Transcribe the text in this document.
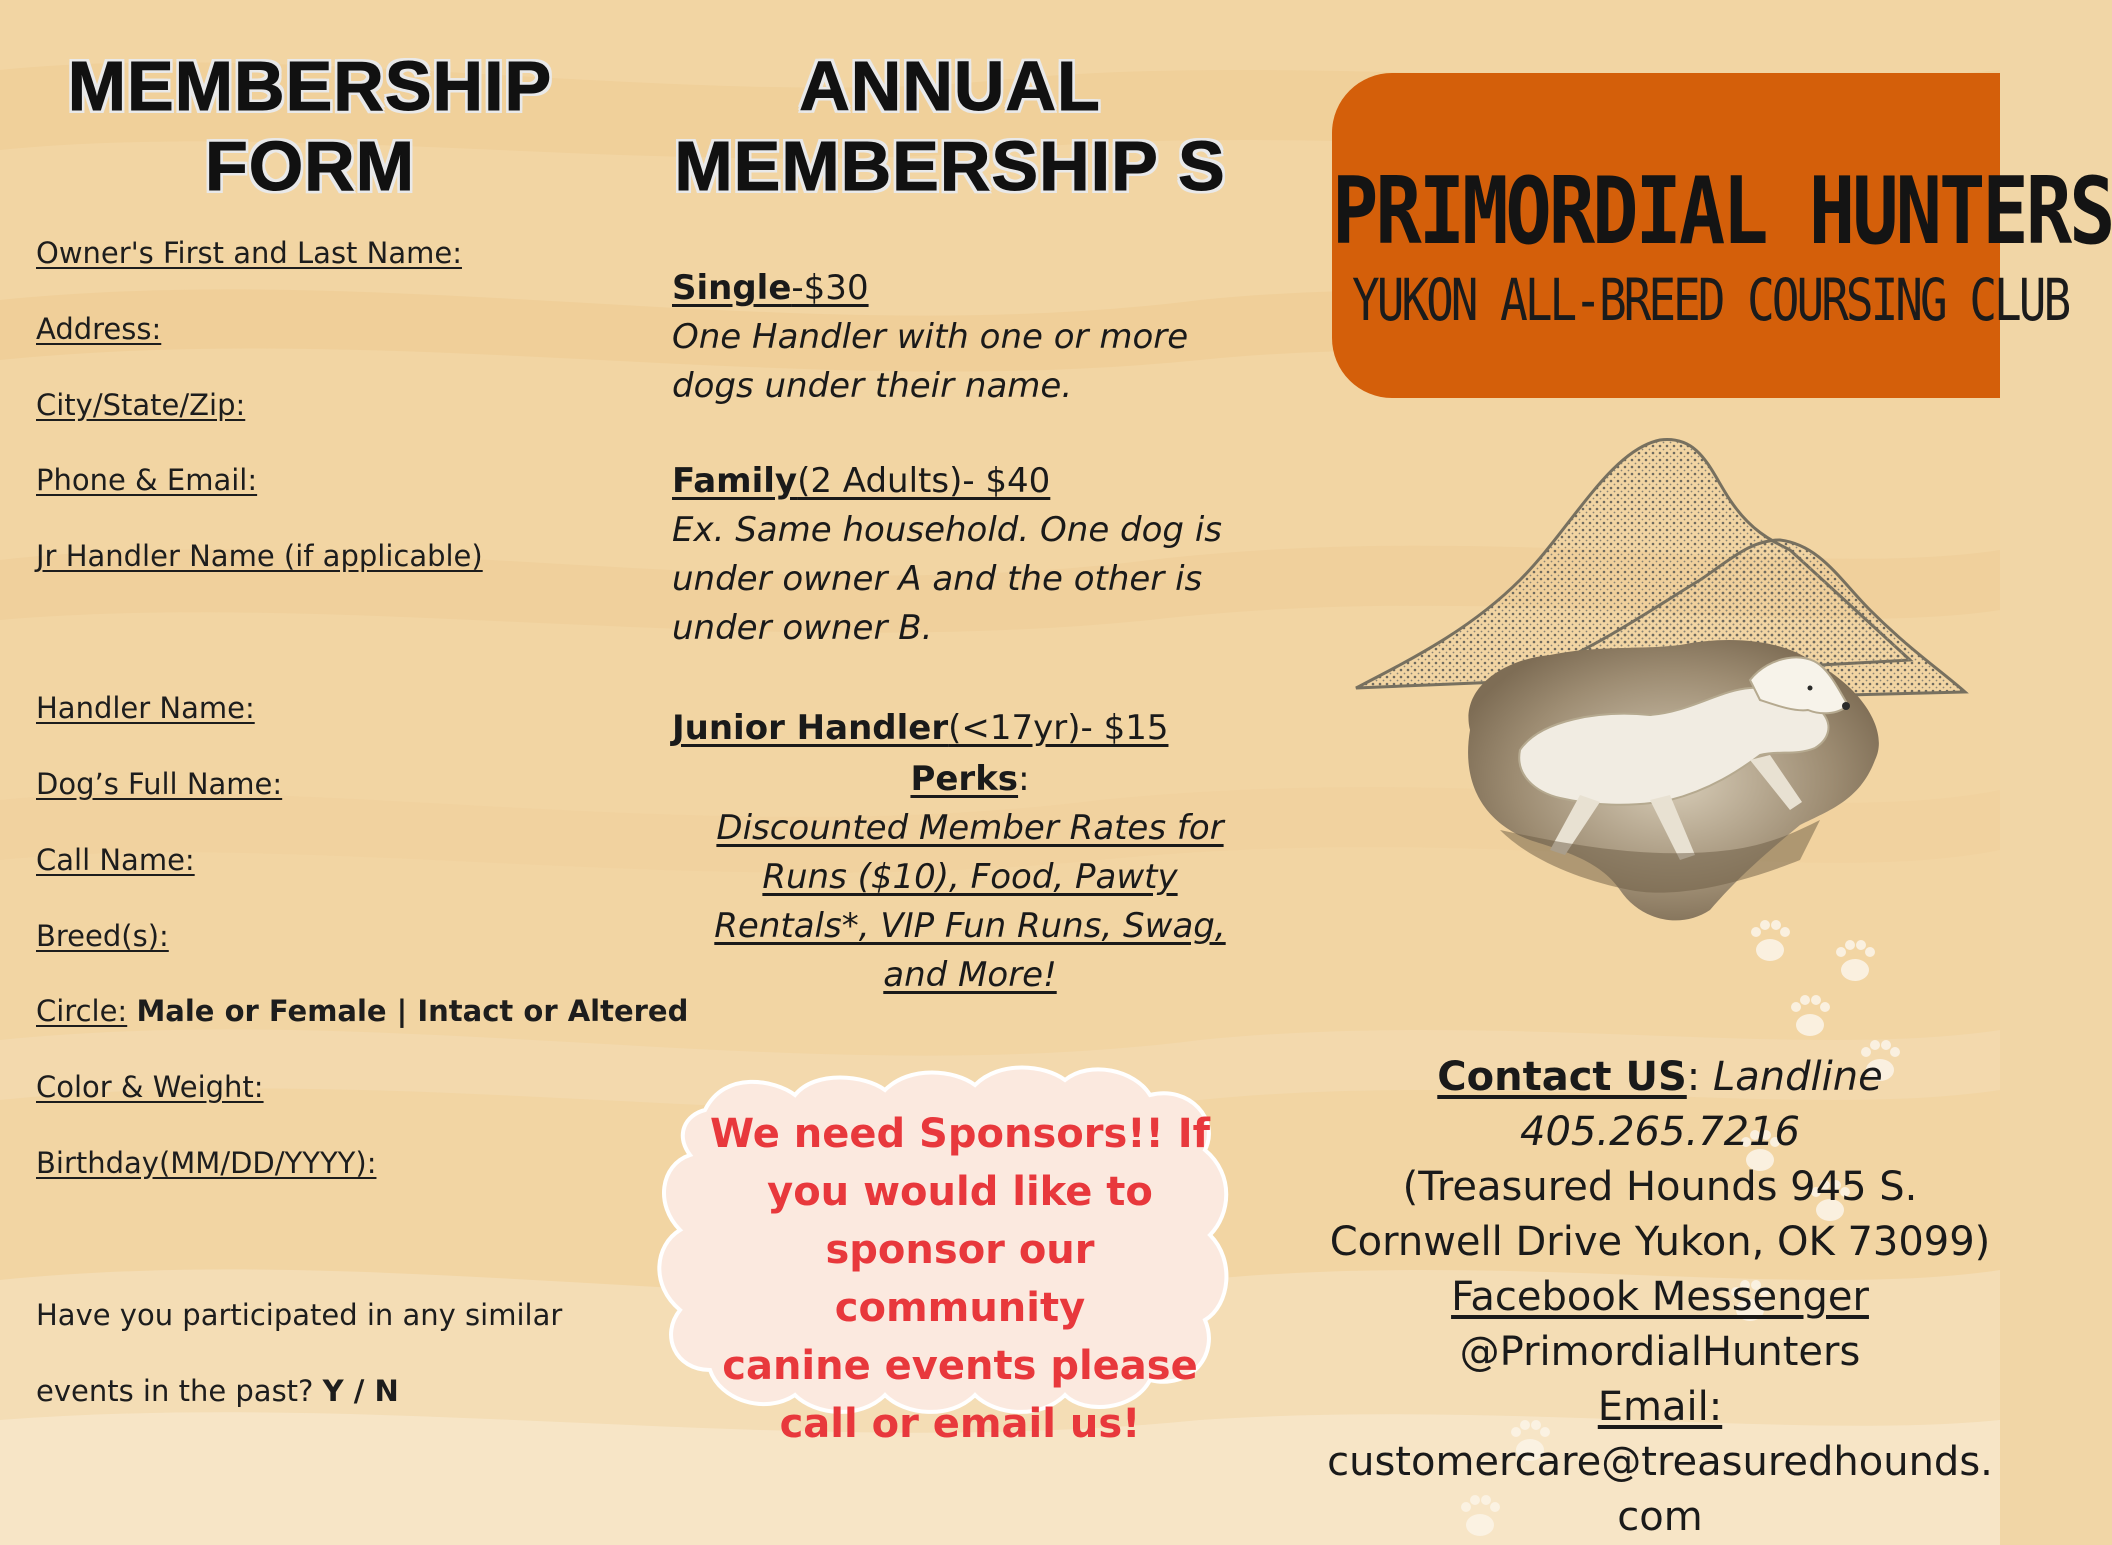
MEMBERSHIP
FORM
Owner's First and Last Name:
Address:
City/State/Zip:
Phone & Email:
Jr Handler Name (if applicable)
Handler Name:
Dog’s Full Name:
Call Name:
Breed(s):
Circle: Male or Female | Intact or Altered
Color & Weight:
Birthday(MM/DD/YYYY):
Have you participated in any similar
events in the past? Y / N
ANNUAL
MEMBERSHIP S
Single-$30
One Handler with one or more
dogs under their name.
Family(2 Adults)- $40
Ex. Same household. One dog is
under owner A and the other is
under owner B.
Junior Handler(<17yr)- $15
Perks:
Discounted Member Rates for
Runs ($10), Food, Pawty
Rentals*, VIP Fun Runs, Swag,
and More!
We need Sponsors!! If
you would like to
sponsor our community
canine events please
call or email us!
PRIMORDIAL HUNTERS
YUKON ALL-BREED COURSING CLUB
Contact US: Landline
405.265.7216
(Treasured Hounds 945 S.
Cornwell Drive Yukon, OK 73099)
Facebook Messenger
@PrimordialHunters
Email:
customercare@treasuredhounds.
com
